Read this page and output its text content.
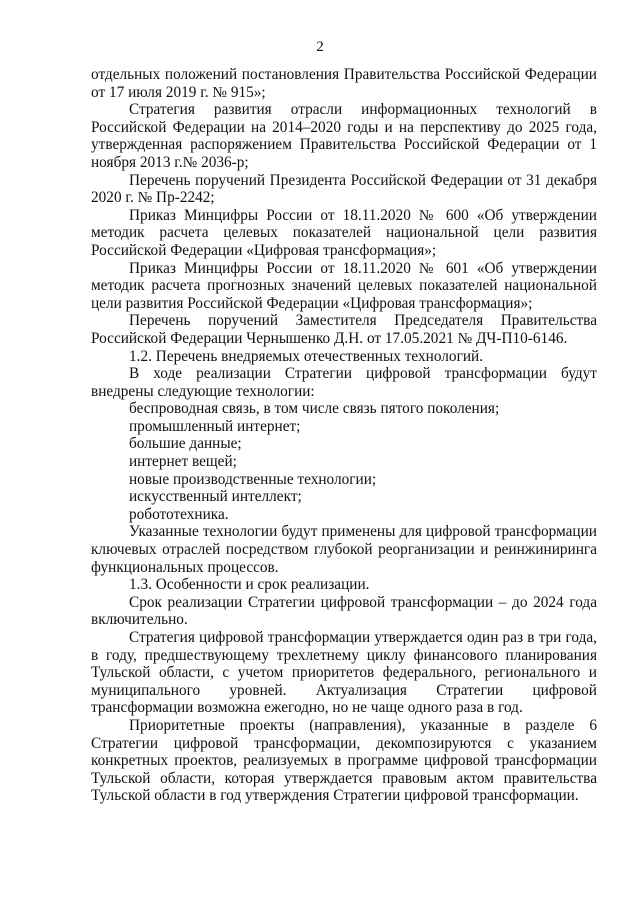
2

отдельных положений постановления Правительства Российской Федерации от 17 июля 2019 г. № 915»;

Стратегия развития отрасли информационных технологий в Российской Федерации на 2014–2020 годы и на перспективу до 2025 года, утвержденная распоряжением Правительства Российской Федерации от 1 ноября 2013 г.№ 2036-р;

Перечень поручений Президента Российской Федерации от 31 декабря 2020 г. № Пр-2242;

Приказ Минцифры России от 18.11.2020 № 600 «Об утверждении методик расчета целевых показателей национальной цели развития Российской Федерации «Цифровая трансформация»;

Приказ Минцифры России от 18.11.2020 № 601 «Об утверждении методик расчета прогнозных значений целевых показателей национальной цели развития Российской Федерации «Цифровая трансформация»;

Перечень поручений Заместителя Председателя Правительства Российской Федерации Чернышенко Д.Н. от 17.05.2021 № ДЧ-П10-6146.

1.2. Перечень внедряемых отечественных технологий.

В ходе реализации Стратегии цифровой трансформации будут внедрены следующие технологии:

беспроводная связь, в том числе связь пятого поколения;

промышленный интернет;

большие данные;

интернет вещей;

новые производственные технологии;

искусственный интеллект;

робототехника.

Указанные технологии будут применены для цифровой трансформации ключевых отраслей посредством глубокой реорганизации и реинжиниринга функциональных процессов.

1.3. Особенности и срок реализации.

Срок реализации Стратегии цифровой трансформации – до 2024 года включительно.

Стратегия цифровой трансформации утверждается один раз в три года, в году, предшествующему трехлетнему циклу финансового планирования Тульской области, с учетом приоритетов федерального, регионального и муниципального уровней. Актуализация Стратегии цифровой трансформации возможна ежегодно, но не чаще одного раза в год.

Приоритетные проекты (направления), указанные в разделе 6 Стратегии цифровой трансформации, декомпозируются с указанием конкретных проектов, реализуемых в программе цифровой трансформации Тульской области, которая утверждается правовым актом правительства Тульской области в год утверждения Стратегии цифровой трансформации.
